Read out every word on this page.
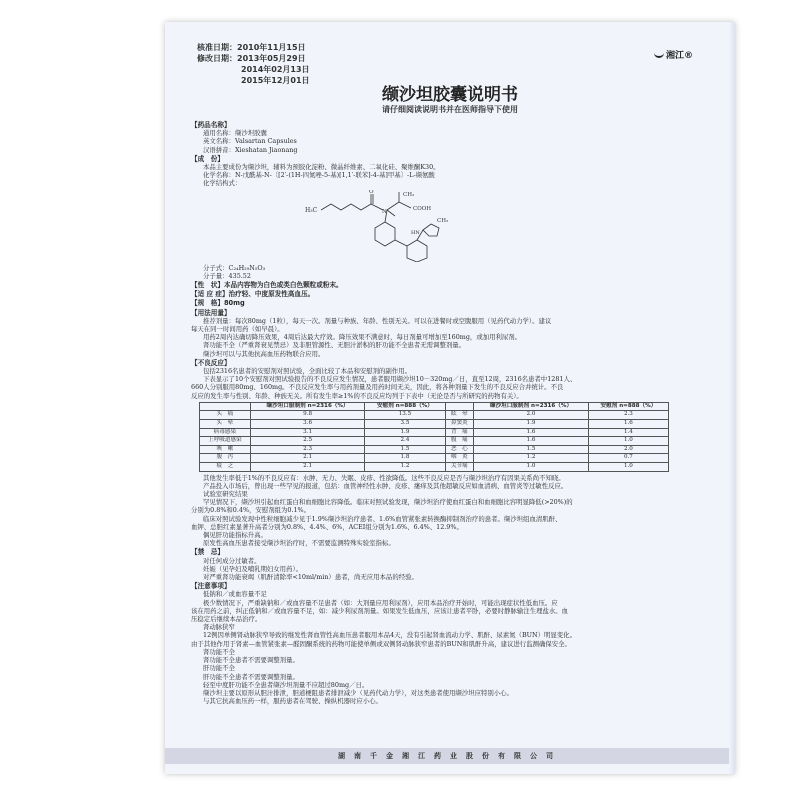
核准日期：2010年11月15日
修改日期：2013年05月29日
2014年02月13日
2015年12月01日
湘江®
缬沙坦胶囊说明书
请仔细阅读说明书并在医师指导下使用
【药品名称】
通用名称：缬沙坦胶囊
英文名称：Valsartan Capsules
汉语拼音：Xieshatan Jiaonang
【成　份】
本品主要成份为缬沙坦，辅料为预胶化淀粉、微晶纤维素、二氧化硅、聚维酮K30。
化学名称：N-戊酰基-N-〔[2′-(1H-四氮唑-5-基)[1,1′-联苯]-4-基]甲基〕-L-缬氨酸
化学结构式：
H₃C
O
N
CH₃
COOH
CH₃
HN
分子式：C₂₄H₂₉N₅O₃
分子量：435.52
【性　状】本品内容物为白色或类白色颗粒或粉末。
【适 应 症】治疗轻、中度原发性高血压。
【规　格】80mg
【用法用量】
推荐剂量：每次80mg（1粒），每天一次。剂量与种族、年龄、性别无关。可以在进餐时或空腹服用（见药代动力学）。建议
每天在同一时间用药（如早晨）。
用药2周内达确切降压效果，4周后达最大疗效。降压效果不满意时，每日剂量可增加至160mg，或加用利尿剂。
肾功能不全（严重肾衰见禁忌）及非胆管源性、无胆汁淤积的肝功能不全患者无需调整剂量。
缬沙坦可以与其他抗高血压药物联合应用。
【不良反应】
包括2316名患者的安慰剂对照试验，全面比较了本品和安慰剂的副作用。
下表显示了10个安慰剂对照试验报告的不良反应发生情况，患者服用缬沙坦10－320mg／日，直至12周，2316名患者中1281人、
660人分别服用80mg、160mg。不良反应发生率与用药剂量及用药时间无关，因此，将各种剂量下发生的不良反应合并统计。不良
反应的发生率与性别、年龄、种族无关。所有发生率≥1%的不良反应均列于下表中（无论是否与所研究的药物有关）。
	缬沙坦口服制剂 n=2316（%）	安慰剂 n=888（%）		缬沙坦口服制剂 n=2316（%）	安慰剂 n=888（%）
头　痛	9.8	13.5	眩　晕	2.0	2.3
头　晕	3.6	3.5	鼻窦炎	1.9	1.6
病毒感染	3.1	1.9	背　痛	1.6	1.4
上呼吸道感染	2.5	2.4	腹　痛	1.6	1.0
咳　嗽	2.3	1.5	恶　心	1.5	2.0
腹　泻	2.1	1.8	咽　炎	1.2	0.7
疲　乏	2.1	1.2	关节痛	1.0	1.0
其他发生率低于1%的不良反应有：水肿、无力、失眠、皮疹、性欲降低。这些不良反应是否与缬沙坦治疗有因果关系尚不知晓。
产品投入市场后，曾出现一些罕见的报道，包括：血管神经性水肿、皮疹、瘙痒及其他超敏反应如血清病、血管炎等过敏性反应。
试验室研究结果
罕见情况下，缬沙坦引起血红蛋白和血细胞比容降低。临床对照试验发现，缬沙坦治疗使血红蛋白和血细胞比容明显降低(>20%)的
分别为0.8%和0.4%，安慰剂组为0.1%。
临床对照试验发现中性粒细胞减少见于1.9%缬沙坦治疗患者、1.6%血管紧张素转换酶抑制剂治疗的患者。缬沙坦组血清肌酐、
血钾、总胆红素显著升高者分别为0.8%、4.4%、6%，ACEI组分别为1.6%、6.4%、12.9%。
偶见肝功能指标升高。
原发性高血压患者接受缬沙坦治疗时，不需要监测特殊实验室指标。
【禁　忌】
对任何成分过敏者。
妊娠（见孕妇及哺乳期妇女用药）。
对严重肾功能衰竭（肌酐清除率<10ml/min）患者，尚无应用本品的经验。
【注意事项】
低钠和／或血容量不足
极少数情况下，严重缺钠和／或血容量不足患者（如：大剂量应用利尿剂），应用本品治疗开始时，可能出现症状性低血压。应
该在用药之前，纠正低钠和／或血容量不足，如：减少利尿剂剂量。如果发生低血压，应该让患者平卧，必要时静脉输注生理盐水。血
压稳定后继续本品治疗。
肾动脉狭窄
12例因单侧肾动脉狭窄导致的继发性肾血管性高血压患者服用本品4天，没有引起肾血流动力学、肌酐、尿素氮（BUN）明显变化。
由于其他作用于肾素—血管紧张素—醛固酮系统的药物可能使单侧或双侧肾动脉狭窄患者的BUN和肌酐升高，建议进行监测确保安全。
肾功能不全
肾功能不全患者不需要调整剂量。
肝功能不全
肝功能不全患者不需要调整剂量。
轻至中度肝功能不全患者缬沙坦剂量不应超过80mg／日。
缬沙坦主要以原形从胆汁排泄，胆道梗阻患者排泄减少（见药代动力学），对这类患者使用缬沙坦应特别小心。
与其它抗高血压药一样，服药患者在驾驶、操纵机器时应小心。
湖南千金湘江药业股份有限公司
